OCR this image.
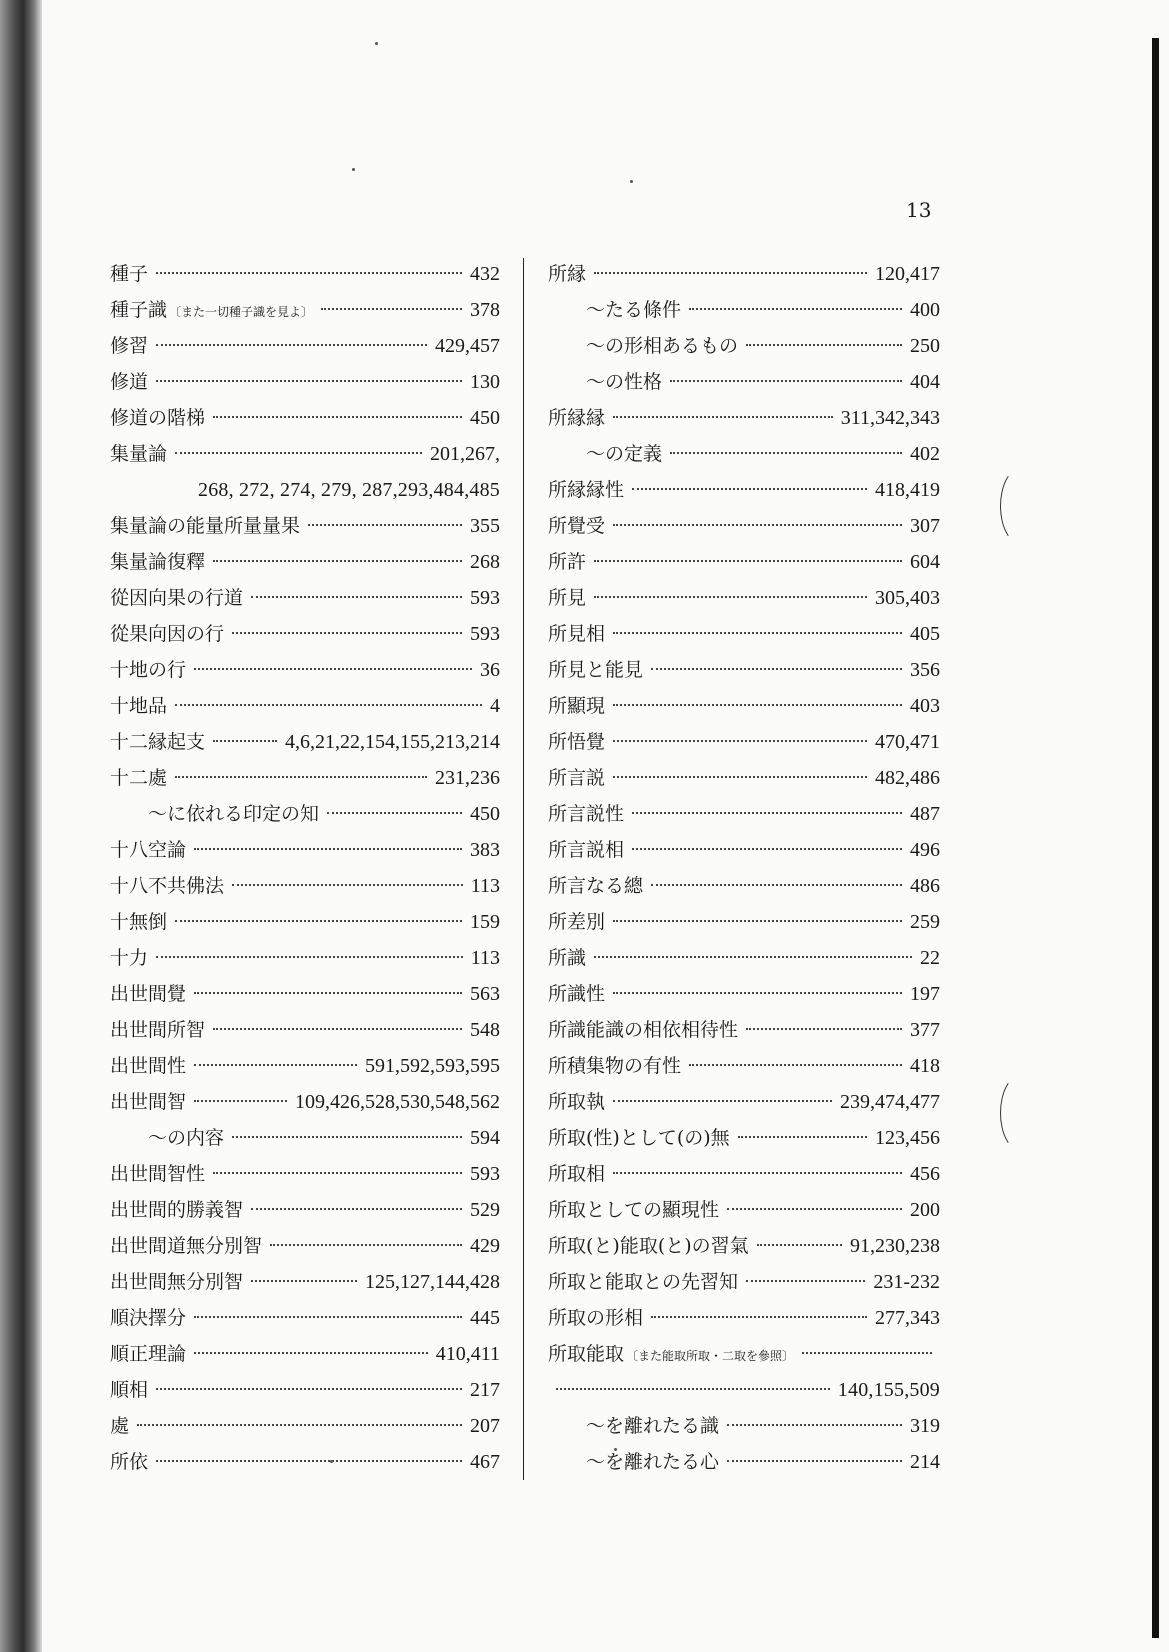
13
種子	432
種子識 〔また一切種子識を見よ〕	378
修習	429,457
修道	130
修道の階梯	450
集量論	201,267,
268, 272, 274, 279, 287,293,484,485
集量論の能量所量量果	355
集量論復釋	268
從因向果の行道	593
從果向因の行	593
十地の行	36
十地品	4
十二縁起支	4,6,21,22,154,155,213,214
十二處	231,236
〜に依れる印定の知	450
十八空論	383
十八不共佛法	113
十無倒	159
十力	113
出世間覺	563
出世間所智	548
出世間性	591,592,593,595
出世間智	109,426,528,530,548,562
〜の内容	594
出世間智性	593
出世間的勝義智	529
出世間道無分別智	429
出世間無分別智	125,127,144,428
順決擇分	445
順正理論	410,411
順相	217
處	207
所依	467
所縁	120,417
〜たる條件	400
〜の形相あるもの	250
〜の性格	404
所縁縁	311,342,343
〜の定義	402
所縁縁性	418,419
所覺受	307
所許	604
所見	305,403
所見相	405
所見と能見	356
所顯現	403
所悟覺	470,471
所言説	482,486
所言説性	487
所言説相	496
所言なる總	486
所差別	259
所識	22
所識性	197
所識能識の相依相待性	377
所積集物の有性	418
所取執	239,474,477
所取(性)として(の)無	123,456
所取相	456
所取としての顯現性	200
所取(と)能取(と)の習氣	91,230,238
所取と能取との先習知	231-232
所取の形相	277,343
所取能取 〔また能取所取・二取を參照〕
140,155,509
〜を離れたる識	319
〜を離れたる心	214
